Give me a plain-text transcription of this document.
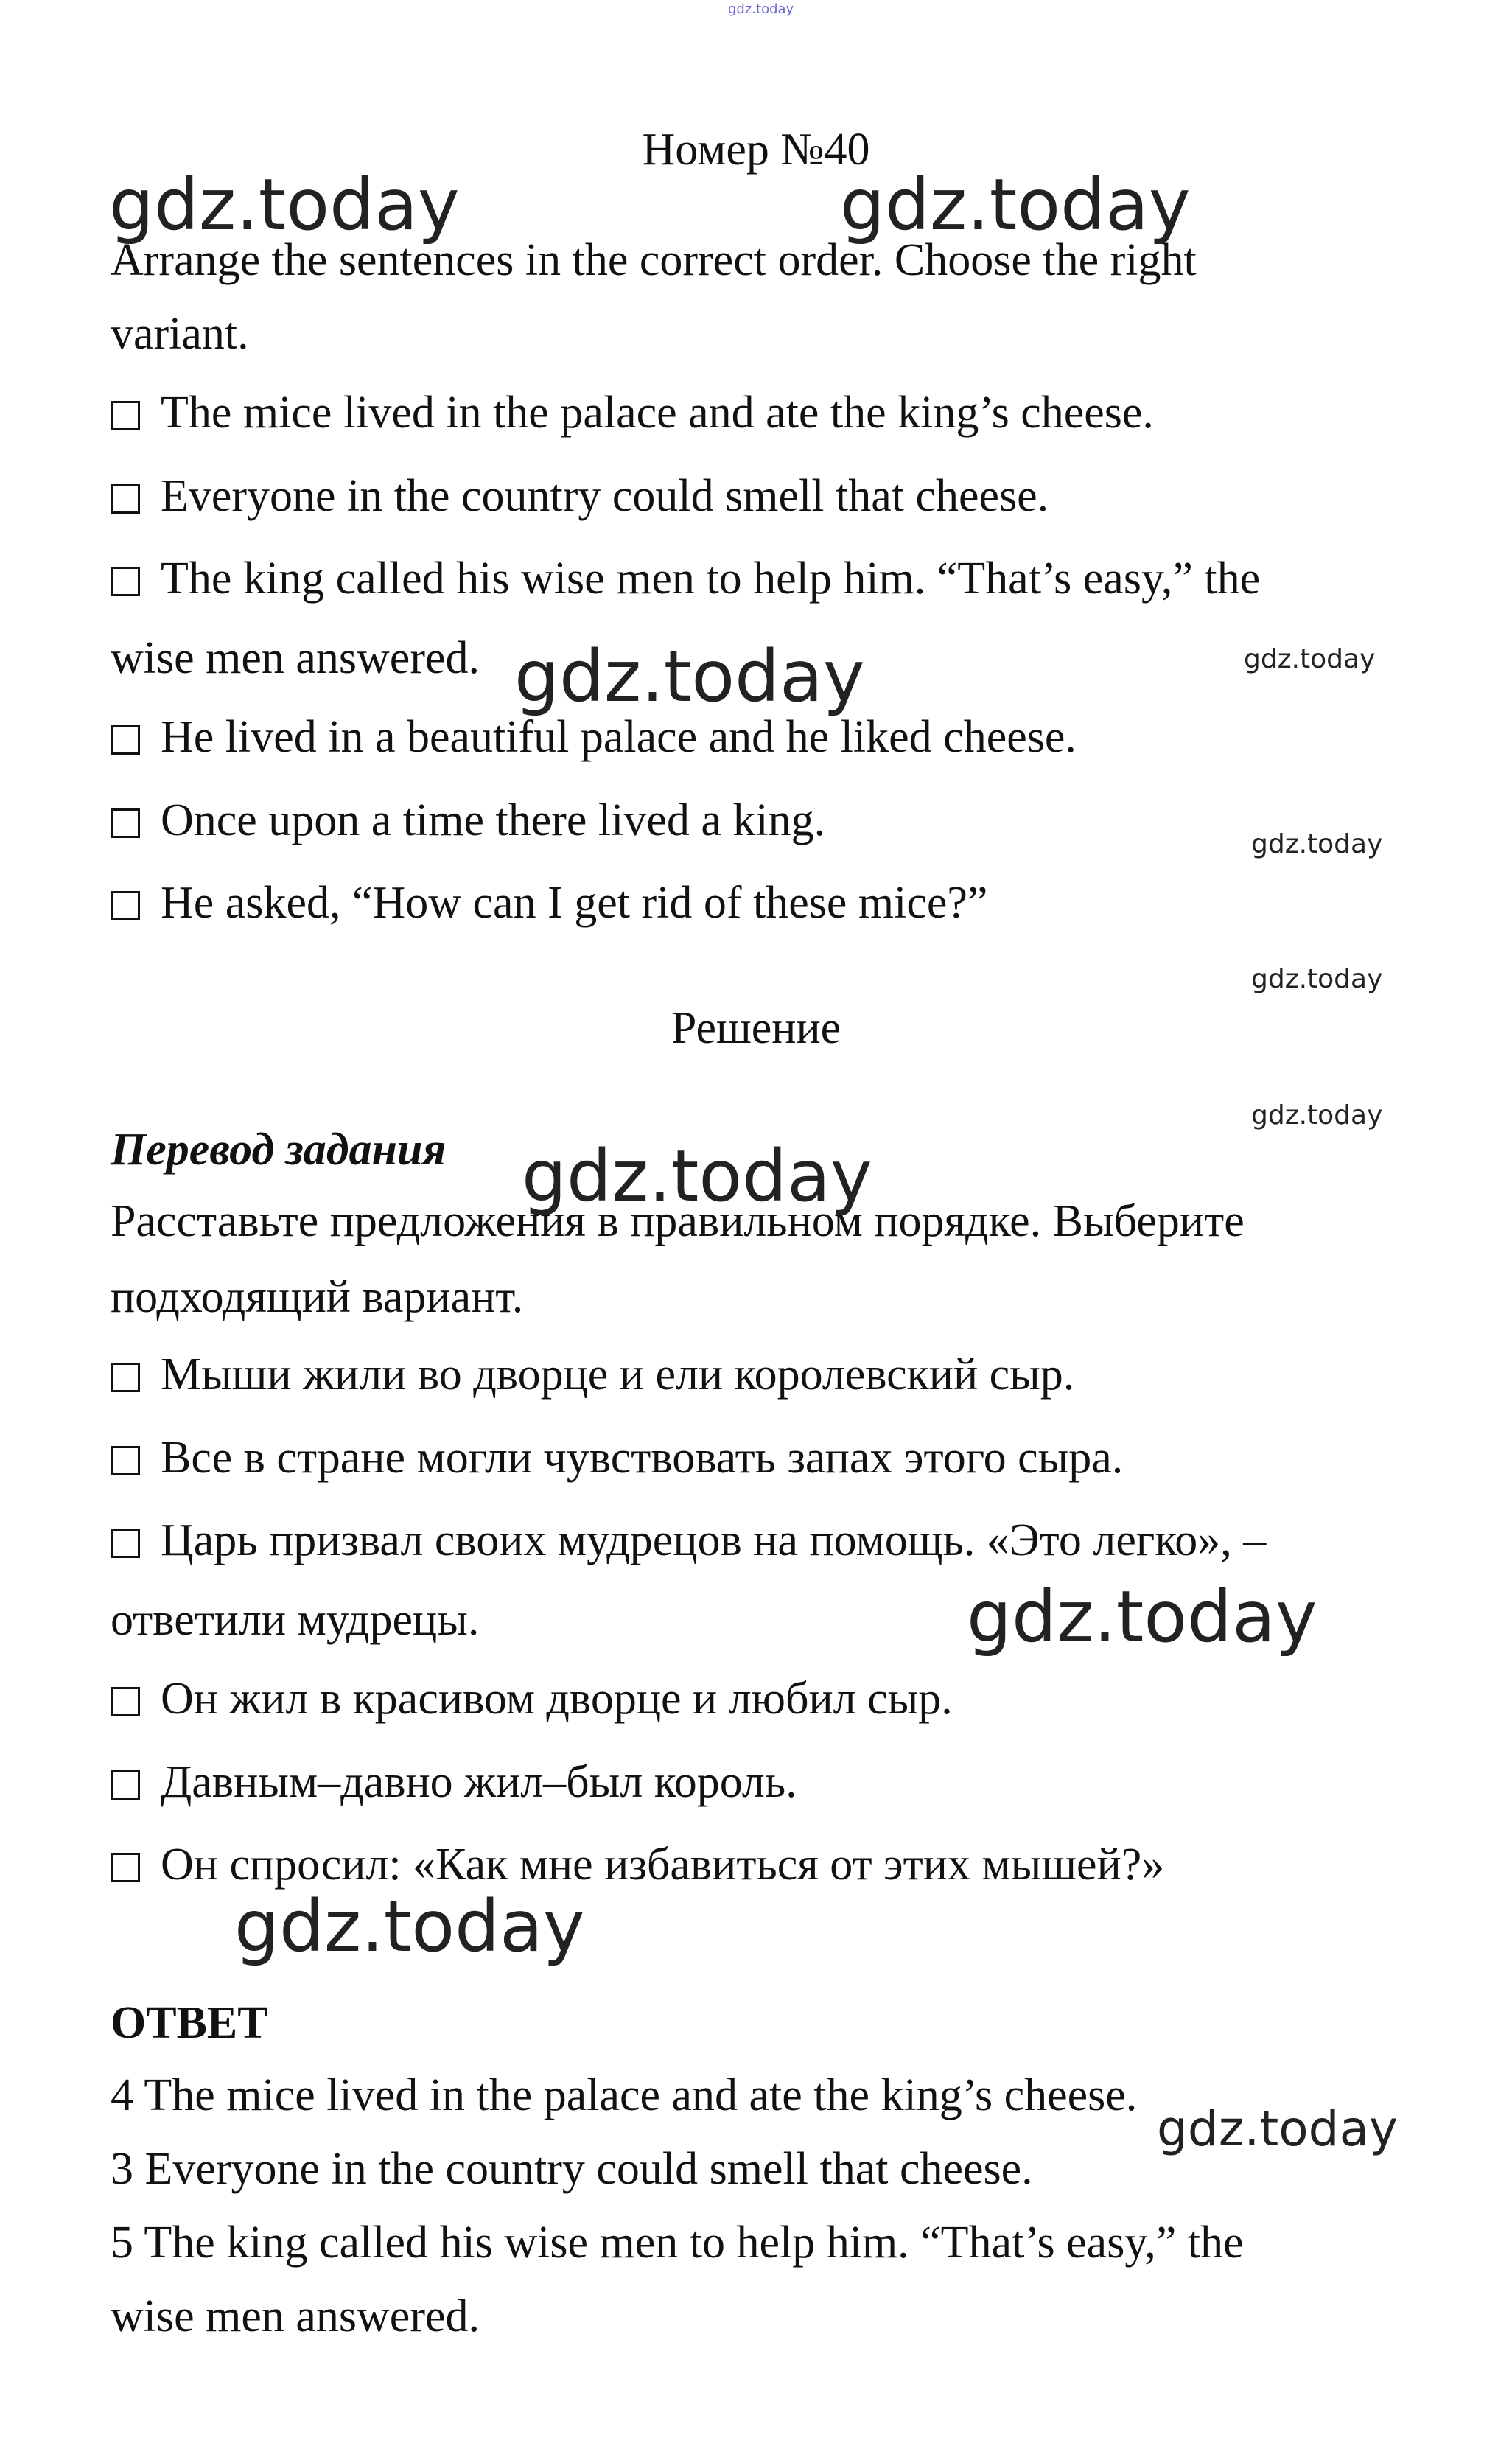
gdz.today
Номер №40
Arrange the sentences in the correct order. Choose the right
variant.
The mice lived in the palace and ate the king’s cheese.
Everyone in the country could smell that cheese.
The king called his wise men to help him. “That’s easy,” the
wise men answered.
He lived in a beautiful palace and he liked cheese.
Once upon a time there lived a king.
He asked, “How can I get rid of these mice?”
Решение
Перевод задания
Расставьте предложения в правильном порядке. Выберите
подходящий вариант.
Мыши жили во дворце и ели королевский сыр.
Все в стране могли чувствовать запах этого сыра.
Царь призвал своих мудрецов на помощь. «Это легко», –
ответили мудрецы.
Он жил в красивом дворце и любил сыр.
Давным–давно жил–был король.
Он спросил: «Как мне избавиться от этих мышей?»
ОТВЕТ
4 The mice lived in the palace and ate the king’s cheese.
3 Everyone in the country could smell that cheese.
5 The king called his wise men to help him. “That’s easy,” the
wise men answered.
gdz.today	gdz.today
gdz.today	gdz.today
gdz.today
gdz.today
gdz.today
gdz.today
gdz.today
gdz.today
gdz.today
